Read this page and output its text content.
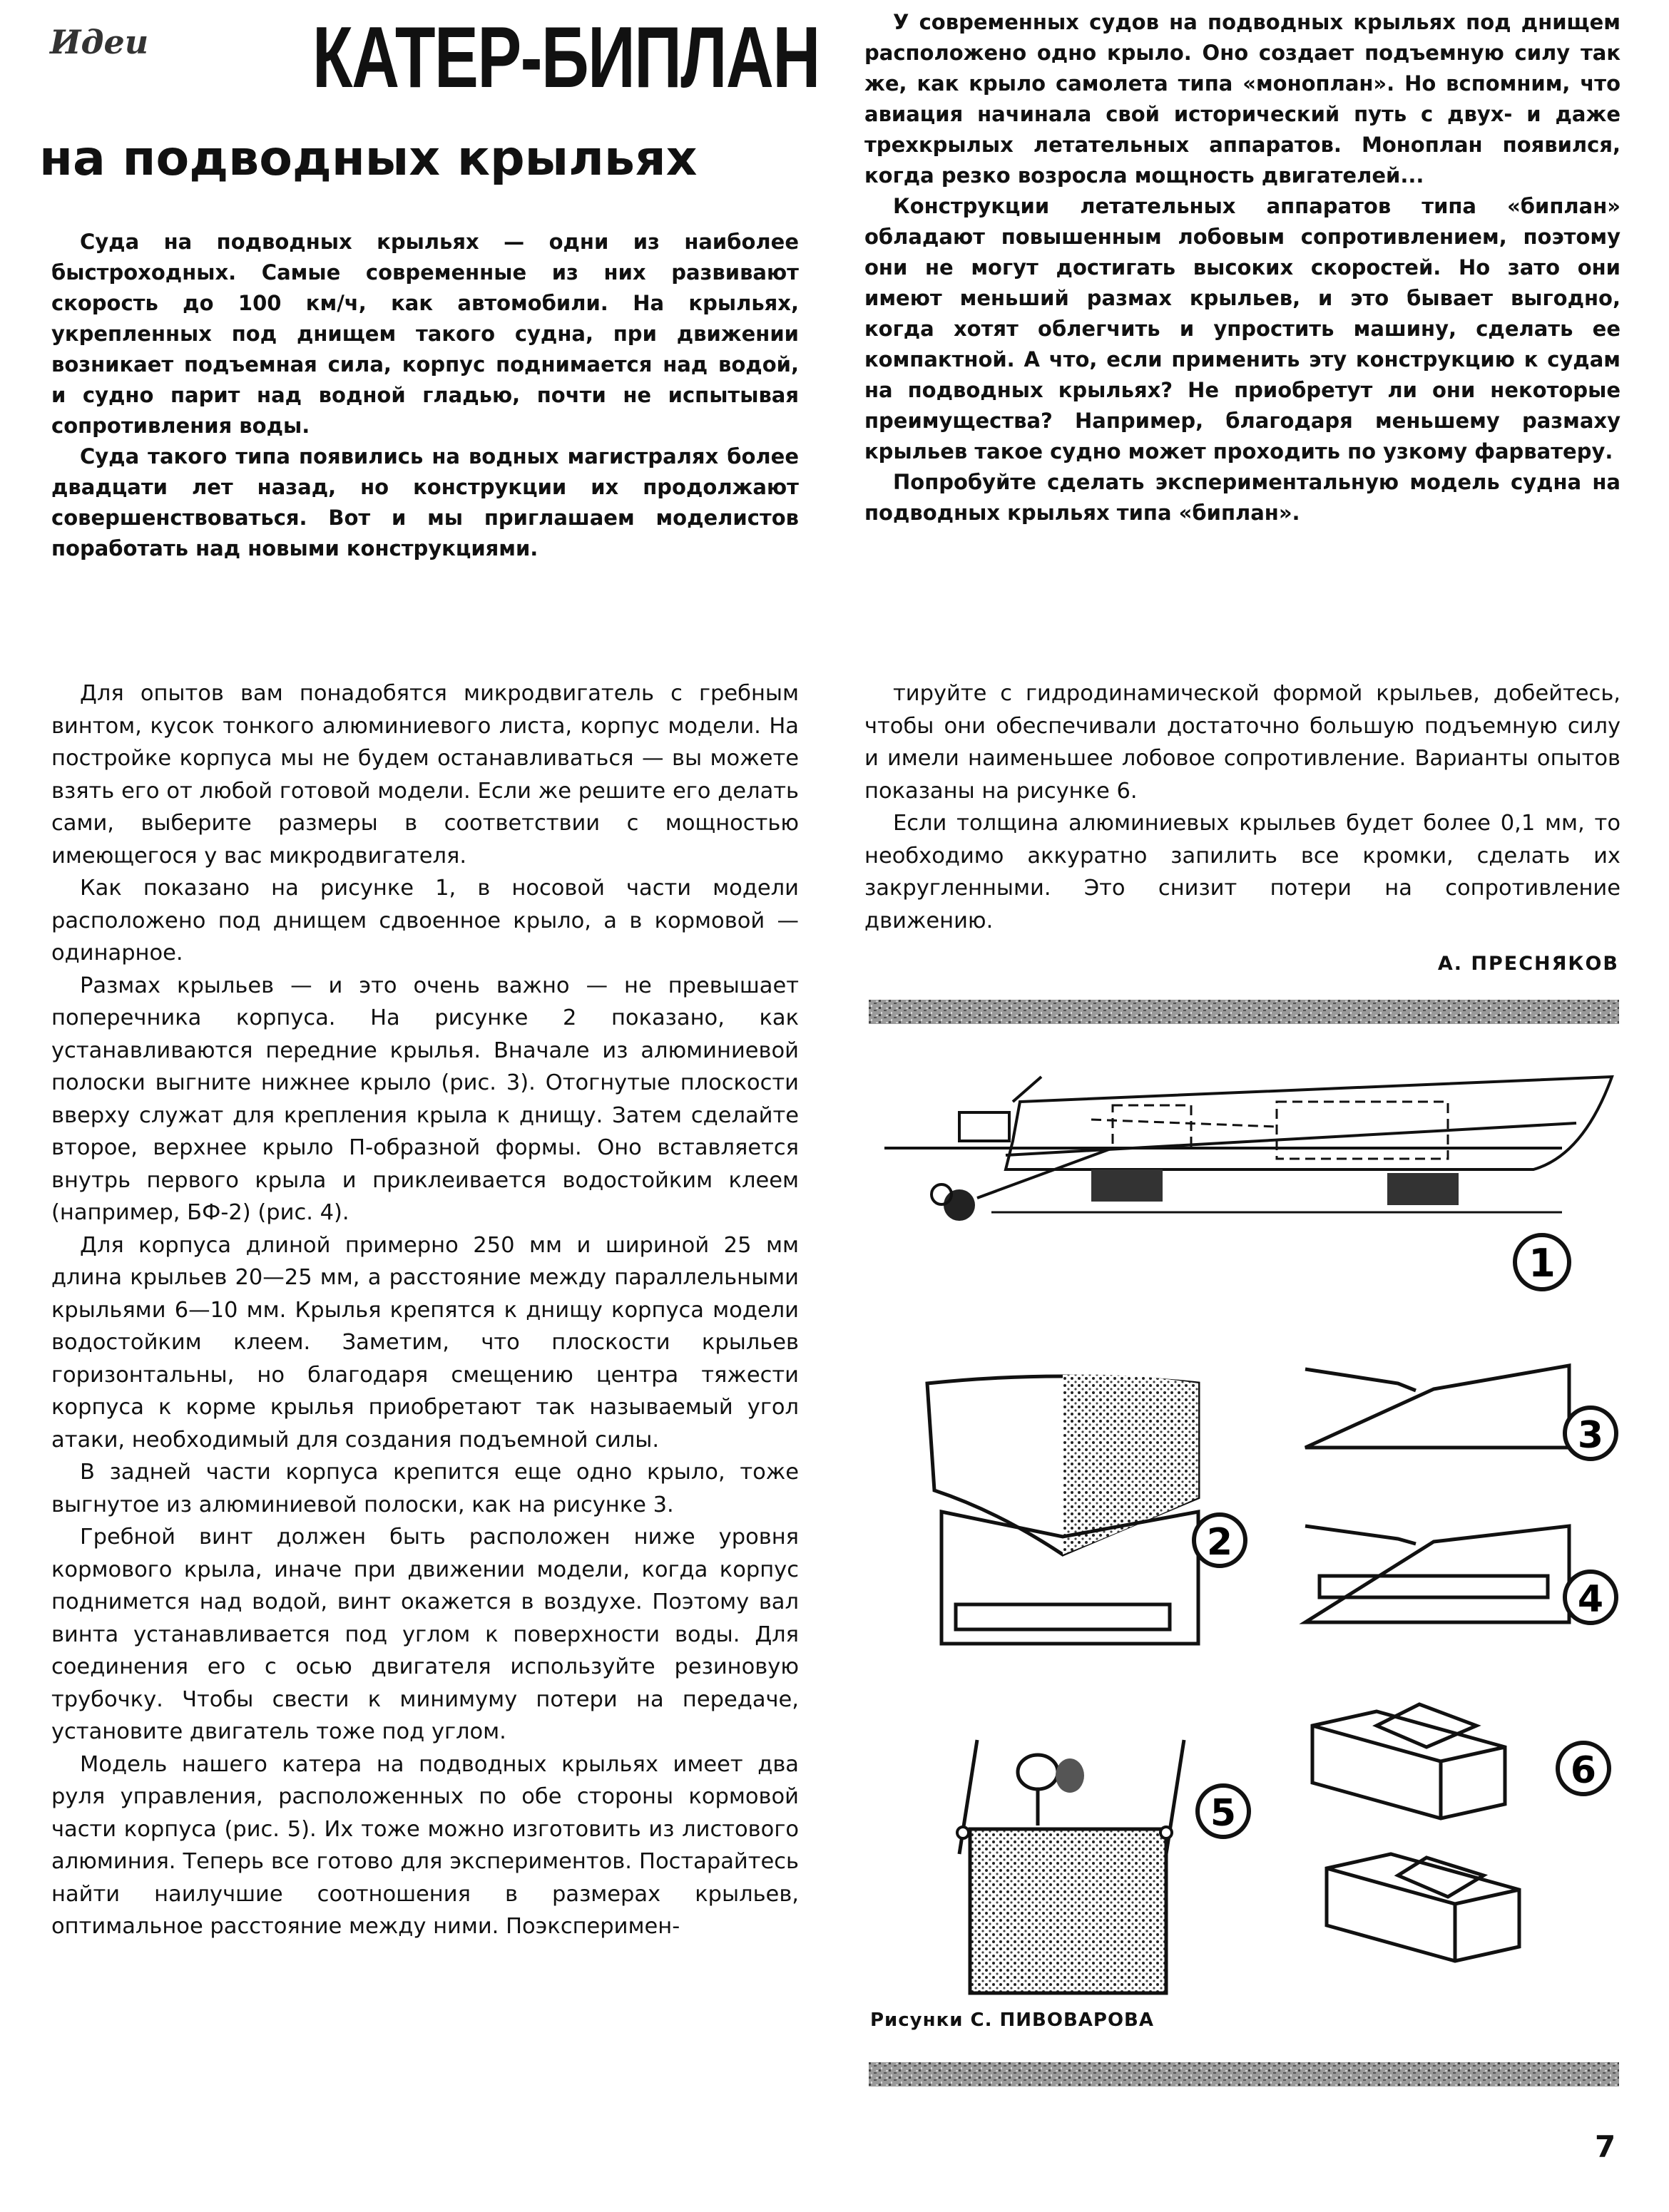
Идеи КАТЕР-БИПЛАН
на подводных крыльях

Суда на подводных крыльях — одни из наиболее быстроходных. Самые современные из них развивают скорость до 100 км/ч, как автомобили. На крыльях, укрепленных под днищем такого судна, при движении возникает подъемная сила, корпус поднимается над водой, и судно парит над водной гладью, почти не испытывая сопротивления воды.

Суда такого типа появились на водных магистралях более двадцати лет назад, но конструкции их продолжают совершенствоваться. Вот и мы приглашаем моделистов поработать над новыми конструкциями.

У современных судов на подводных крыльях под днищем расположено одно крыло. Оно создает подъемную силу так же, как крыло самолета типа «моноплан». Но вспомним, что авиация начинала свой исторический путь с двух- и даже трехкрылых летательных аппаратов. Моноплан появился, когда резко возросла мощность двигателей...

Конструкции летательных аппаратов типа «биплан» обладают повышенным лобовым сопротивлением, поэтому они не могут достигать высоких скоростей. Но зато они имеют меньший размах крыльев, и это бывает выгодно, когда хотят облегчить и упростить машину, сделать ее компактной. А что, если применить эту конструкцию к судам на подводных крыльях? Не приобретут ли они некоторые преимущества? Например, благодаря меньшему размаху крыльев такое судно может проходить по узкому фарватеру.

Попробуйте сделать экспериментальную модель судна на подводных крыльях типа «биплан».

Для опытов вам понадобятся микродвигатель с гребным винтом, кусок тонкого алюминиевого листа, корпус модели. На постройке корпуса мы не будем останавливаться — вы можете взять его от любой готовой модели. Если же решите его делать сами, выберите размеры в соответствии с мощностью имеющегося у вас микродвигателя.

Как показано на рисунке 1, в носовой части модели расположено под днищем сдвоенное крыло, а в кормовой — одинарное.

Размах крыльев — и это очень важно — не превышает поперечника корпуса. На рисунке 2 показано, как устанавливаются передние крылья. Вначале из алюминиевой полоски выгните нижнее крыло (рис. 3). Отогнутые плоскости вверху служат для крепления крыла к днищу. Затем сделайте второе, верхнее крыло П-образной формы. Оно вставляется внутрь первого крыла и приклеивается водостойким клеем (например, БФ-2) (рис. 4).

Для корпуса длиной примерно 250 мм и шириной 25 мм длина крыльев 20—25 мм, а расстояние между параллельными крыльями 6—10 мм. Крылья крепятся к днищу корпуса модели водостойким клеем. Заметим, что плоскости крыльев горизонтальны, но благодаря смещению центра тяжести корпуса к корме крылья приобретают так называемый угол атаки, необходимый для создания подъемной силы.

В задней части корпуса крепится еще одно крыло, тоже выгнутое из алюминиевой полоски, как на рисунке 3.

Гребной винт должен быть расположен ниже уровня кормового крыла, иначе при движении модели, когда корпус поднимется над водой, винт окажется в воздухе. Поэтому вал винта устанавливается под углом к поверхности воды. Для соединения его с осью двигателя используйте резиновую трубочку. Чтобы свести к минимуму потери на передаче, установите двигатель тоже под углом.

Модель нашего катера на подводных крыльях имеет два руля управления, расположенных по обе стороны кормовой части корпуса (рис. 5). Их тоже можно изготовить из листового алюминия. Теперь все готово для экспериментов. Постарайтесь найти наилучшие соотношения в размерах крыльев, оптимальное расстояние между ними. Поэксперимен-

тируйте с гидродинамической формой крыльев, добейтесь, чтобы они обеспечивали достаточно большую подъемную силу и имели наименьшее лобовое сопротивление. Варианты опытов показаны на рисунке 6.

Если толщина алюминиевых крыльев будет более 0,1 мм, то необходимо аккуратно запилить все кромки, сделать их закругленными. Это снизит потери на сопротивление движению.

А. ПРЕСНЯКОВ
1
2
3
4
5
6
Рисунки С. ПИВОВАРОВА
7
